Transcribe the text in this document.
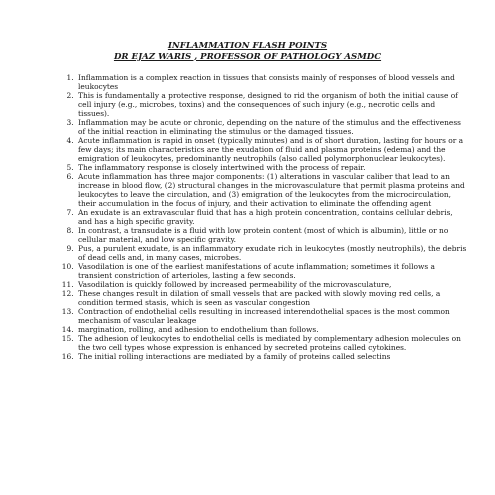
INFLAMMATION FLASH POINTS

DR EJAZ WARIS , PROFESSOR OF PATHOLOGY ASMDC

1. Inflammation is a complex reaction in tissues that consists mainly of responses of blood vessels and leukocytes
2. This is fundamentally a protective response, designed to rid the organism of both the initial cause of cell injury (e.g., microbes, toxins) and the consequences of such injury (e.g., necrotic cells and tissues).
3. Inflammation may be acute or chronic, depending on the nature of the stimulus and the effectiveness of the initial reaction in eliminating the stimulus or the damaged tissues.
4. Acute inflammation is rapid in onset (typically minutes) and is of short duration, lasting for hours or a few days; its main characteristics are the exudation of fluid and plasma proteins (edema) and the emigration of leukocytes, predominantly neutrophils (also called polymorphonuclear leukocytes).
5. The inflammatory response is closely intertwined with the process of repair.
6. Acute inflammation has three major components: (1) alterations in vascular caliber that lead to an increase in blood flow, (2) structural changes in the microvasculature that permit plasma proteins and leukocytes to leave the circulation, and (3) emigration of the leukocytes from the microcirculation, their accumulation in the focus of injury, and their activation to eliminate the offending agent
7. An exudate is an extravascular fluid that has a high protein concentration, contains cellular debris, and has a high specific gravity.
8. In contrast, a transudate is a fluid with low protein content (most of which is albumin), little or no cellular material, and low specific gravity.
9. Pus, a purulent exudate, is an inflammatory exudate rich in leukocytes (mostly neutrophils), the debris of dead cells and, in many cases, microbes.
10. Vasodilation is one of the earliest manifestations of acute inflammation; sometimes it follows a transient constriction of arterioles, lasting a few seconds.
11. Vasodilation is quickly followed by increased permeability of the microvasculature,
12. These changes result in dilation of small vessels that are packed with slowly moving red cells, a condition termed stasis, which is seen as vascular congestion
13. Contraction of endothelial cells resulting in increased interendothelial spaces is the most common mechanism of vascular leakage
14. margination, rolling, and adhesion to endothelium than follows.
15. The adhesion of leukocytes to endothelial cells is mediated by complementary adhesion molecules on the two cell types whose expression is enhanced by secreted proteins called cytokines.
16. The initial rolling interactions are mediated by a family of proteins called selectins
